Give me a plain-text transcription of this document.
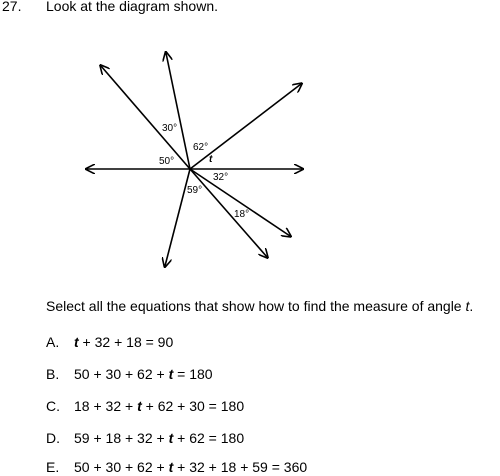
27. Look at the diagram shown.
30°
62°
50°	t
32°
59°
18°
Select all the equations that show how to find the measure of angle t.
A. t + 32 + 18 = 90
B. 50 + 30 + 62 + t = 180
C. 18 + 32 + t + 62 + 30 = 180
D. 59 + 18 + 32 + t + 62 = 180
E. 50 + 30 + 62 + t + 32 + 18 + 59 = 360
